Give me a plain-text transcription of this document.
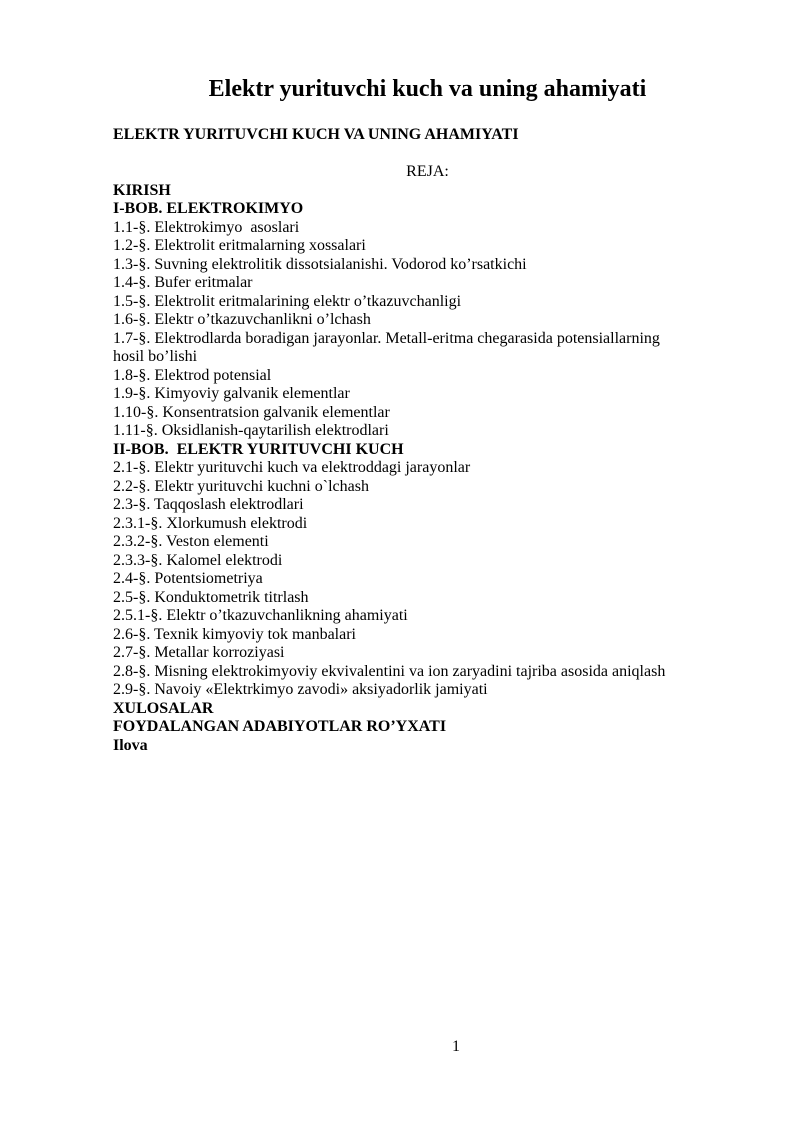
Elektr yurituvchi kuch va uning ahamiyati
ELEKTR YURITUVCHI KUCH VA UNING AHAMIYATI
REJA:
KIRISH
I-BOB. ELEKTROKIMYO
1.1-§. Elektrokimyo  asoslari
1.2-§. Elektrolit eritmalarning xossalari
1.3-§. Suvning elektrolitik dissotsialanishi. Vodorod ko’rsatkichi
1.4-§. Bufer eritmalar
1.5-§. Elektrolit eritmalarining elektr o’tkazuvchanligi
1.6-§. Elektr o’tkazuvchanlikni o’lchash
1.7-§. Elektrodlarda boradigan jarayonlar. Metall-eritma chegarasida potensiallarning hosil bo’lishi
1.8-§. Elektrod potensial
1.9-§. Kimyoviy galvanik elementlar
1.10-§. Konsentratsion galvanik elementlar
1.11-§. Oksidlanish-qaytarilish elektrodlari
II-BOB.  ELEKTR YURITUVCHI KUCH
2.1-§. Elektr yurituvchi kuch va elektroddagi jarayonlar
2.2-§. Elektr yurituvchi kuchni o`lchash
2.3-§. Taqqoslash elektrodlari
2.3.1-§. Xlorkumush elektrodi
2.3.2-§. Veston elementi
2.3.3-§. Kalomel elektrodi
2.4-§. Potentsiometriya
2.5-§. Konduktometrik titrlash
2.5.1-§. Elektr o’tkazuvchanlikning ahamiyati
2.6-§. Texnik kimyoviy tok manbalari
2.7-§. Metallar korroziyasi
2.8-§. Misning elektrokimyoviy ekvivalentini va ion zaryadini tajriba asosida aniqlash
2.9-§. Navoiy «Elektrkimyo zavodi» aksiyadorlik jamiyati
XULOSALAR
FOYDALANGAN ADABIYOTLAR RO’YXATI
Ilova
1
